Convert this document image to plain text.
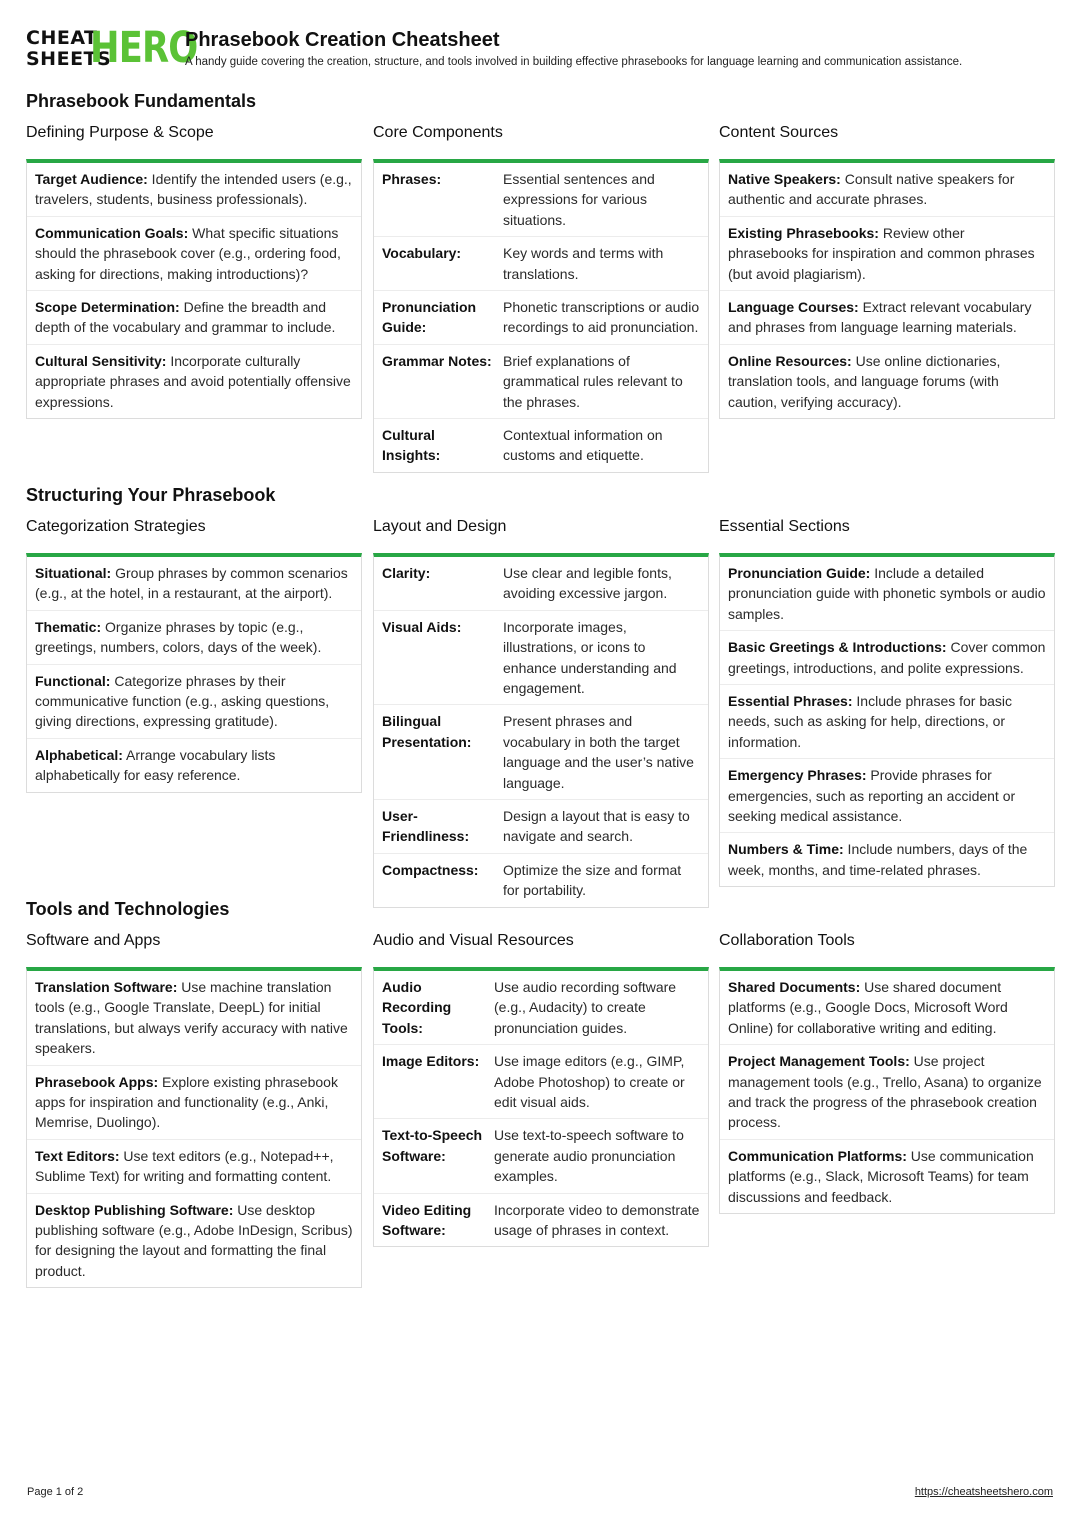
CHEAT
SHEETS
HERO
Phrasebook Creation Cheatsheet
A handy guide covering the creation, structure, and tools involved in building effective phrasebooks for language learning and communication assistance.
Phrasebook Fundamentals
Defining Purpose & Scope
Target Audience: Identify the intended users (e.g., travelers, students, business professionals).
Communication Goals: What specific situations should the phrasebook cover (e.g., ordering food, asking for directions, making introductions)?
Scope Determination: Define the breadth and depth of the vocabulary and grammar to include.
Cultural Sensitivity: Incorporate culturally appropriate phrases and avoid potentially offensive expressions.
Core Components
Phrases:	Essential sentences and expressions for various situations.
Vocabulary:	Key words and terms with translations.
Pronunciation Guide:
Phonetic transcriptions or audio recordings to aid pronunciation.
Grammar Notes: Brief explanations of grammatical rules relevant to the phrases.
Cultural Insights:
Contextual information on customs and etiquette.
Content Sources
Native Speakers: Consult native speakers for authentic and accurate phrases.
Existing Phrasebooks: Review other phrasebooks for inspiration and common phrases (but avoid plagiarism).
Language Courses: Extract relevant vocabulary and phrases from language learning materials.
Online Resources: Use online dictionaries, translation tools, and language forums (with caution, verifying accuracy).
Structuring Your Phrasebook
Categorization Strategies
Situational: Group phrases by common scenarios (e.g., at the hotel, in a restaurant, at the airport).
Thematic: Organize phrases by topic (e.g., greetings, numbers, colors, days of the week).
Functional: Categorize phrases by their communicative function (e.g., asking questions, giving directions, expressing gratitude).
Alphabetical: Arrange vocabulary lists alphabetically for easy reference.
Layout and Design
Clarity:	Use clear and legible fonts, avoiding excessive jargon.
Visual Aids:	Incorporate images, illustrations, or icons to enhance understanding and engagement.
Bilingual Presentation:
Present phrases and vocabulary in both the target language and the user’s native language.
User-Friendliness:
Design a layout that is easy to navigate and search.
Compactness:	Optimize the size and format for portability.
Essential Sections
Pronunciation Guide: Include a detailed pronunciation guide with phonetic symbols or audio samples.
Basic Greetings & Introductions: Cover common greetings, introductions, and polite expressions.
Essential Phrases: Include phrases for basic needs, such as asking for help, directions, or information.
Emergency Phrases: Provide phrases for emergencies, such as reporting an accident or seeking medical assistance.
Numbers & Time: Include numbers, days of the week, months, and time-related phrases.
Tools and Technologies
Software and Apps
Translation Software: Use machine translation tools (e.g., Google Translate, DeepL) for initial translations, but always verify accuracy with native speakers.
Phrasebook Apps: Explore existing phrasebook apps for inspiration and functionality (e.g., Anki, Memrise, Duolingo).
Text Editors: Use text editors (e.g., Notepad++, Sublime Text) for writing and formatting content.
Desktop Publishing Software: Use desktop publishing software (e.g., Adobe InDesign, Scribus) for designing the layout and formatting the final product.
Audio and Visual Resources
Audio Recording Tools:
Use audio recording software (e.g., Audacity) to create pronunciation guides.
Image Editors:	Use image editors (e.g., GIMP, Adobe Photoshop) to create or edit visual aids.
Text-to-Speech Software:
Use text-to-speech software to generate audio pronunciation examples.
Video Editing Software:
Incorporate video to demonstrate usage of phrases in context.
Collaboration Tools
Shared Documents: Use shared document platforms (e.g., Google Docs, Microsoft Word Online) for collaborative writing and editing.
Project Management Tools: Use project management tools (e.g., Trello, Asana) to organize and track the progress of the phrasebook creation process.
Communication Platforms: Use communication platforms (e.g., Slack, Microsoft Teams) for team discussions and feedback.
Page 1 of 2	https://cheatsheetshero.com
